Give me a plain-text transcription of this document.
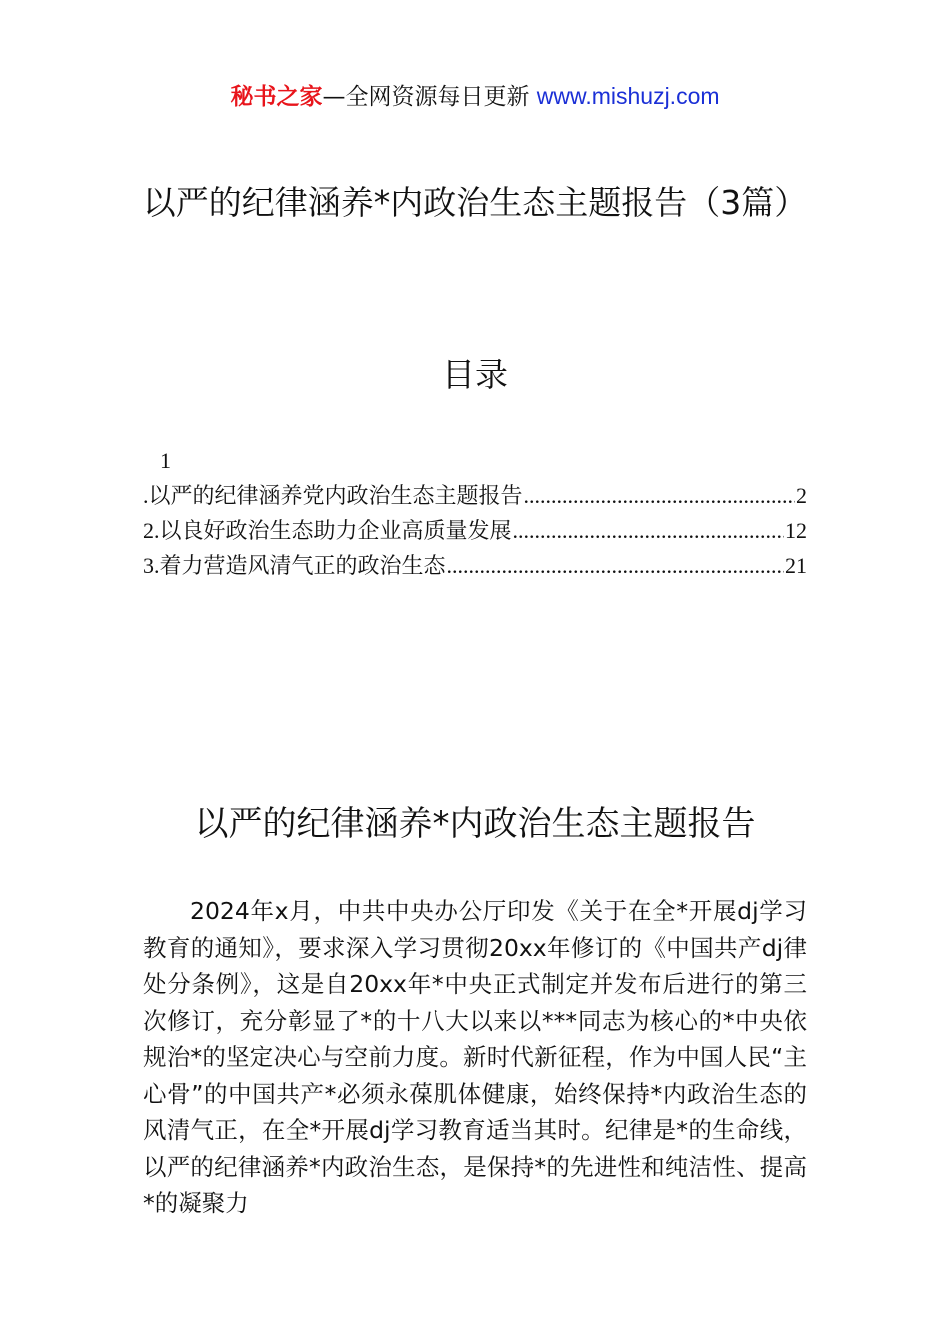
秘书之家—全网资源每日更新 www.mishuzj.com
以严的纪律涵养*内政治生态主题报告（3篇）
目录
1
. 以严的纪律涵养党内政治生态主题报告 .....	2
2. 以良好政治生态助力企业高质量发展 .....	12
3. 着力营造风清气正的政治生态 .....	21
以严的纪律涵养*内政治生态主题报告
2024年x月，中共中央办公厅印发《关于在全*开展dj学习教育的通知》，要求深入学习贯彻20xx年修订的《中国共产dj律处分条例》，这是自20xx年*中央正式制定并发布后进行的第三次修订，充分彰显了*的十八大以来以***同志为核心的*中央依规治*的坚定决心与空前力度。新时代新征程，作为中国人民“主心骨”的中国共产*必须永葆肌体健康，始终保持*内政治生态的风清气正，在全*开展dj学习教育适当其时。纪律是*的生命线，以严的纪律涵养*内政治生态，是保持*的先进性和纯洁性、提高*的凝聚力
